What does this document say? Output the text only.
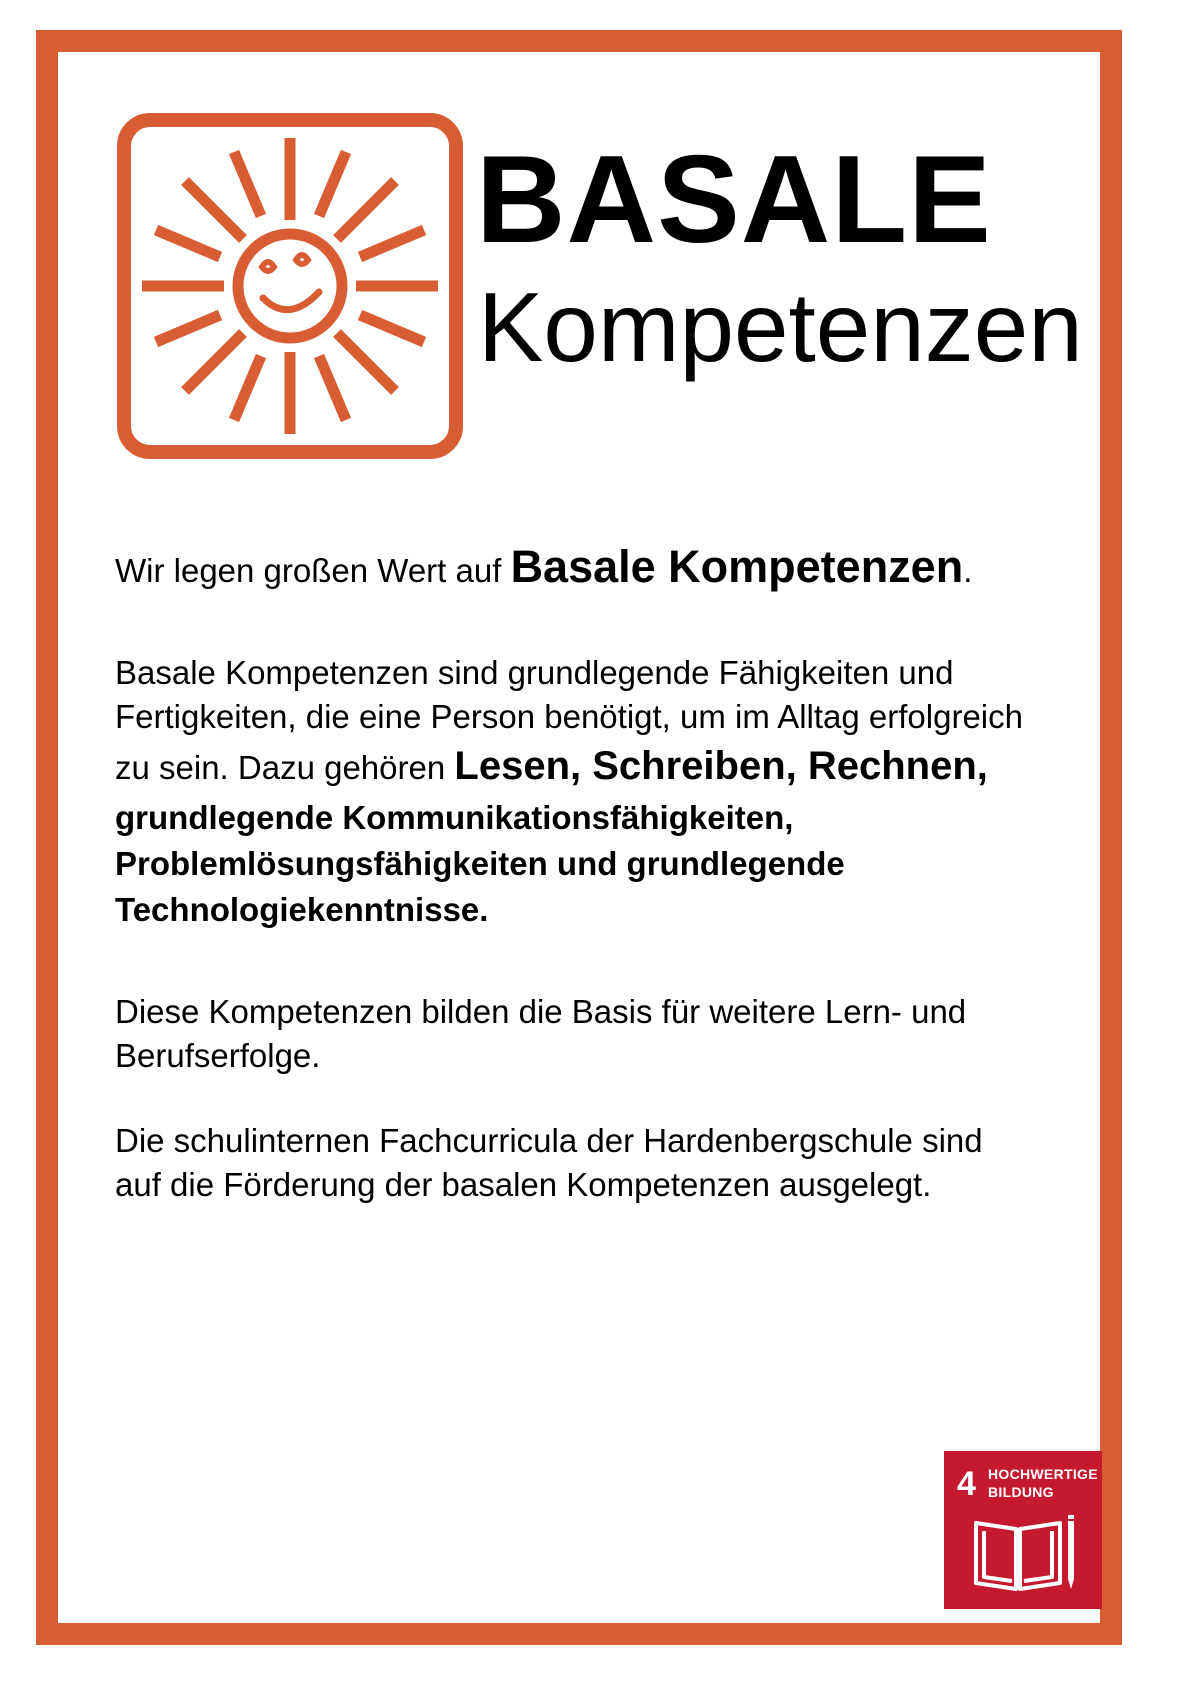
BASALE
Kompetenzen
Wir legen großen Wert auf Basale Kompetenzen.
Basale Kompetenzen sind grundlegende Fähigkeiten und
Fertigkeiten, die eine Person benötigt, um im Alltag erfolgreich
zu sein. Dazu gehören Lesen, Schreiben, Rechnen,
grundlegende Kommunikationsfähigkeiten,
Problemlösungsfähigkeiten und grundlegende
Technologiekenntnisse.
Diese Kompetenzen bilden die Basis für weitere Lern- und
Berufserfolge.
Die schulinternen Fachcurricula der Hardenbergschule sind
auf die Förderung der basalen Kompetenzen ausgelegt.
4 HOCHWERTIGE
BILDUNG
